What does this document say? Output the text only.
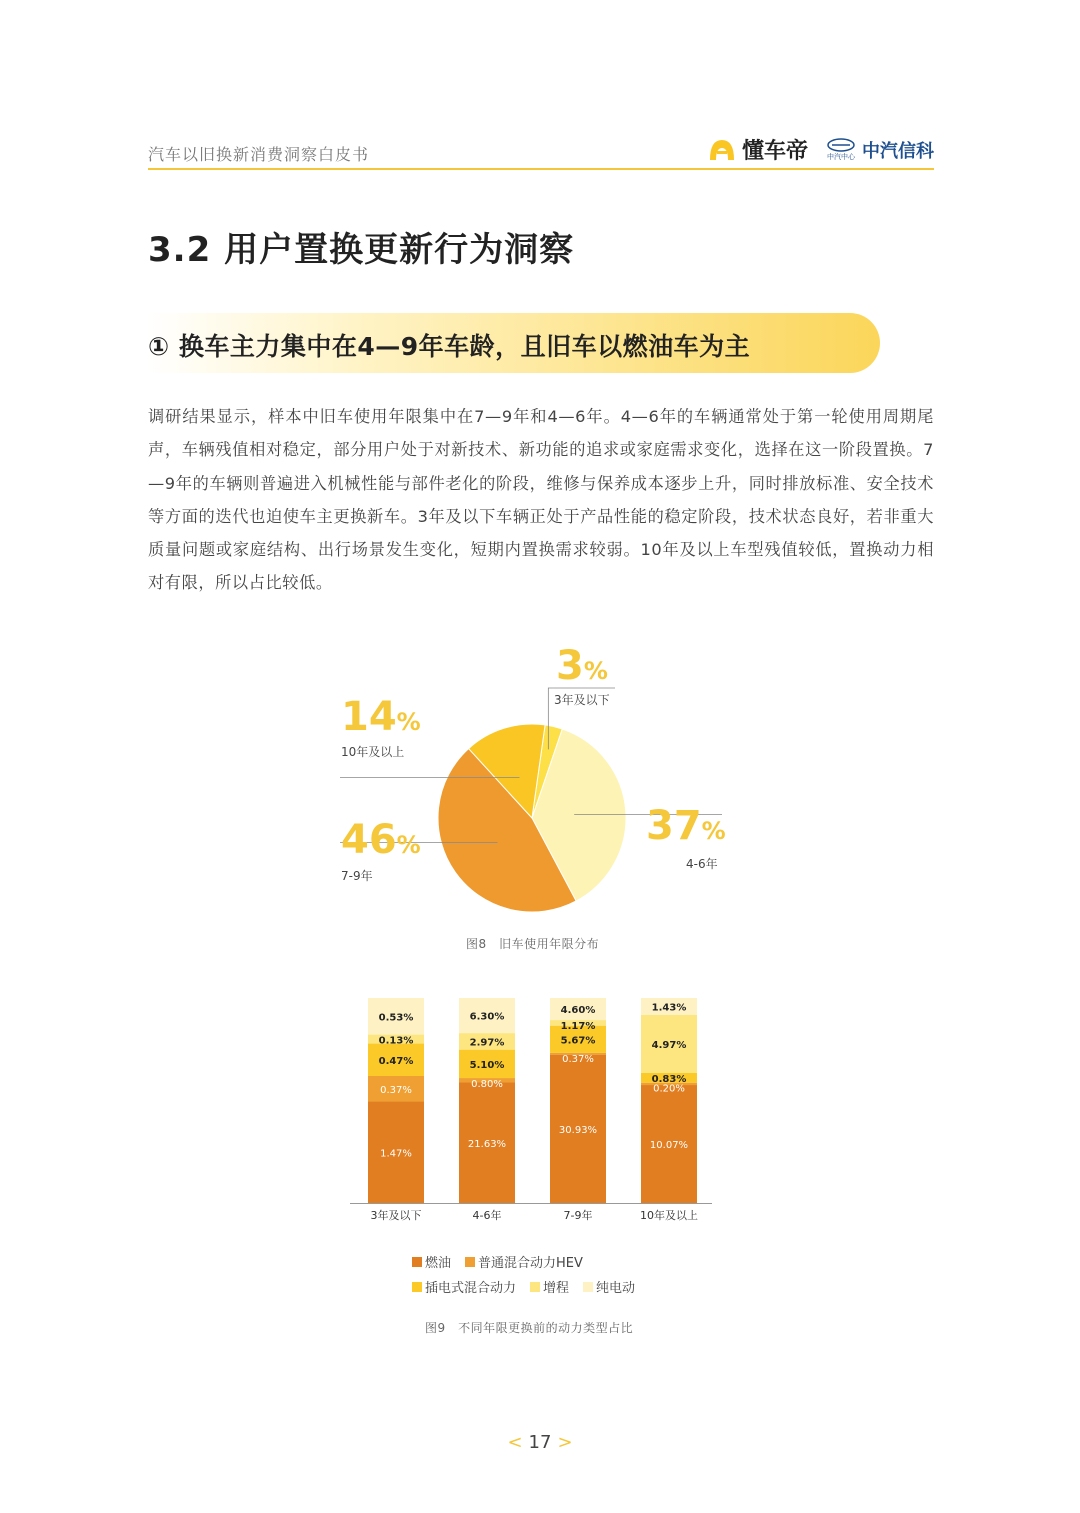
汽车以旧换新消费洞察白皮书	懂车帝	中汽中心 中汽信科
3.2 用户置换更新行为洞察
① 换车主力集中在4—9年车龄，且旧车以燃油车为主
调研结果显示，样本中旧车使用年限集中在7—9年和4—6年。4—6年的车辆通常处于第一轮使用周期尾声，车辆残值相对稳定，部分用户处于对新技术、新功能的追求或家庭需求变化，选择在这一阶段置换。7—9年的车辆则普遍进入机械性能与部件老化的阶段，维修与保养成本逐步上升，同时排放标准、安全技术等方面的迭代也迫使车主更换新车。3年及以下车辆正处于产品性能的稳定阶段，技术状态良好，若非重大质量问题或家庭结构、出行场景发生变化，短期内置换需求较弱。10年及以上车型残值较低，置换动力相对有限，所以占比较低。
3%
3年及以下
14%
10年及以上
46%
7-9年
37%
4-6年
图8　旧车使用年限分布
1.47%
0.37%
0.47%
0.13%
0.53%
3年及以下
21.63%
0.80%
5.10%
2.97%
6.30%
4-6年
30.93%
0.37%
5.67%
1.17%
4.60%
7-9年
10.07%
0.20%
0.83%
4.97%
1.43%
10年及以上
燃油 普通混合动力HEV
插电式混合动力 增程 纯电动
图9　不同年限更换前的动力类型占比
< 17 >
